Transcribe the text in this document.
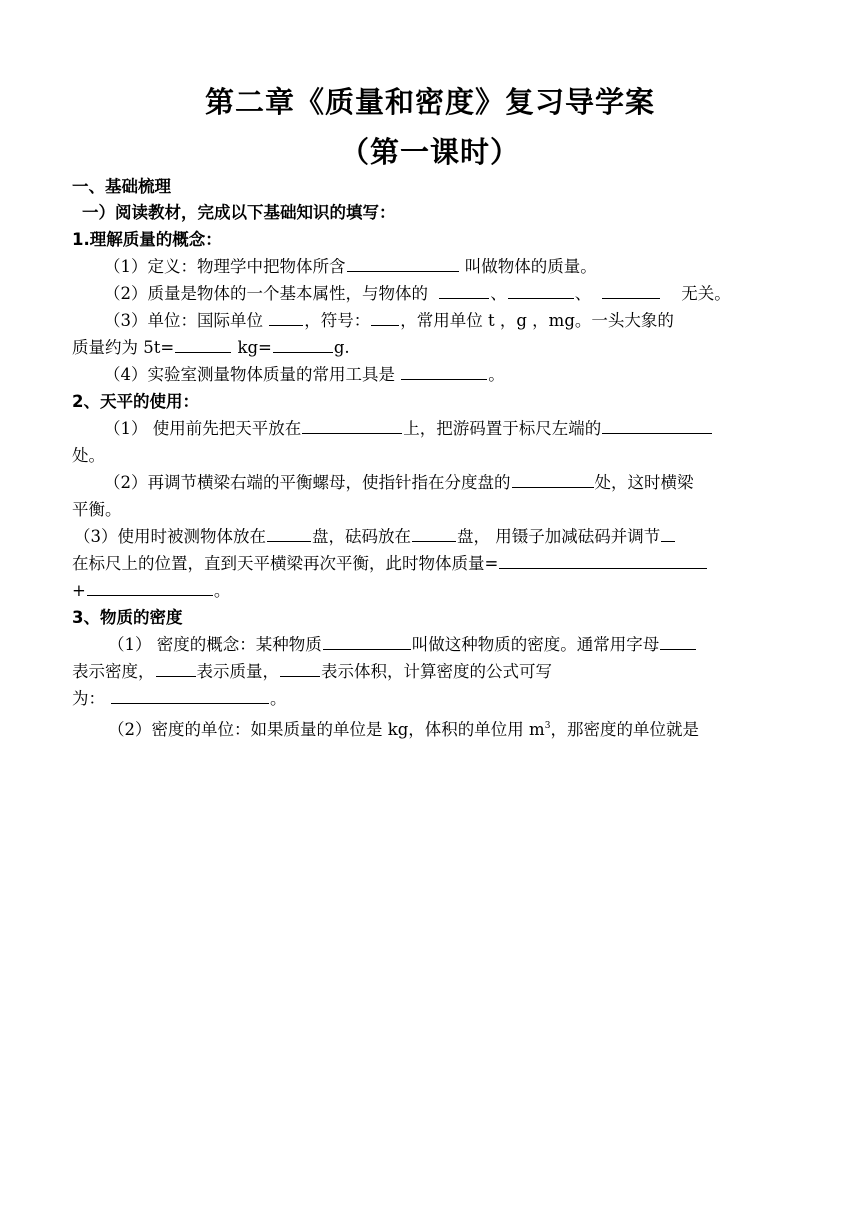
第二章《质量和密度》复习导学案
（第一课时）
一、基础梳理
一）阅读教材，完成以下基础知识的填写：
1.理解质量的概念：
（1）定义：物理学中把物体所含	叫做物体的质量。
（2）质量是物体的一个基本属性，与物体的	、	、	无关。
（3）单位：国际单位	，符号： ，常用单位 t ，g ，mg。一头大象的
质量约为 5t=	kg=	g.
（4）实验室测量物体质量的常用工具是	。
2、天平的使用：
（1） 使用前先把天平放在	上，把游码置于标尺左端的
处。
（2）再调节横梁右端的平衡螺母，使指针指在分度盘的	处，这时横梁
平衡。
（3）使用时被测物体放在	盘，砝码放在	盘， 用镊子加减砝码并调节
在标尺上的位置，直到天平横梁再次平衡，此时物体质量=
+	。
3、物质的密度
（1） 密度的概念：某种物质	叫做这种物质的密度。通常用字母
表示密度，	表示质量，	表示体积，计算密度的公式可写
为：	。
（2）密度的单位：如果质量的单位是 kg，体积的单位用 $m^3$，那密度的单位就是
